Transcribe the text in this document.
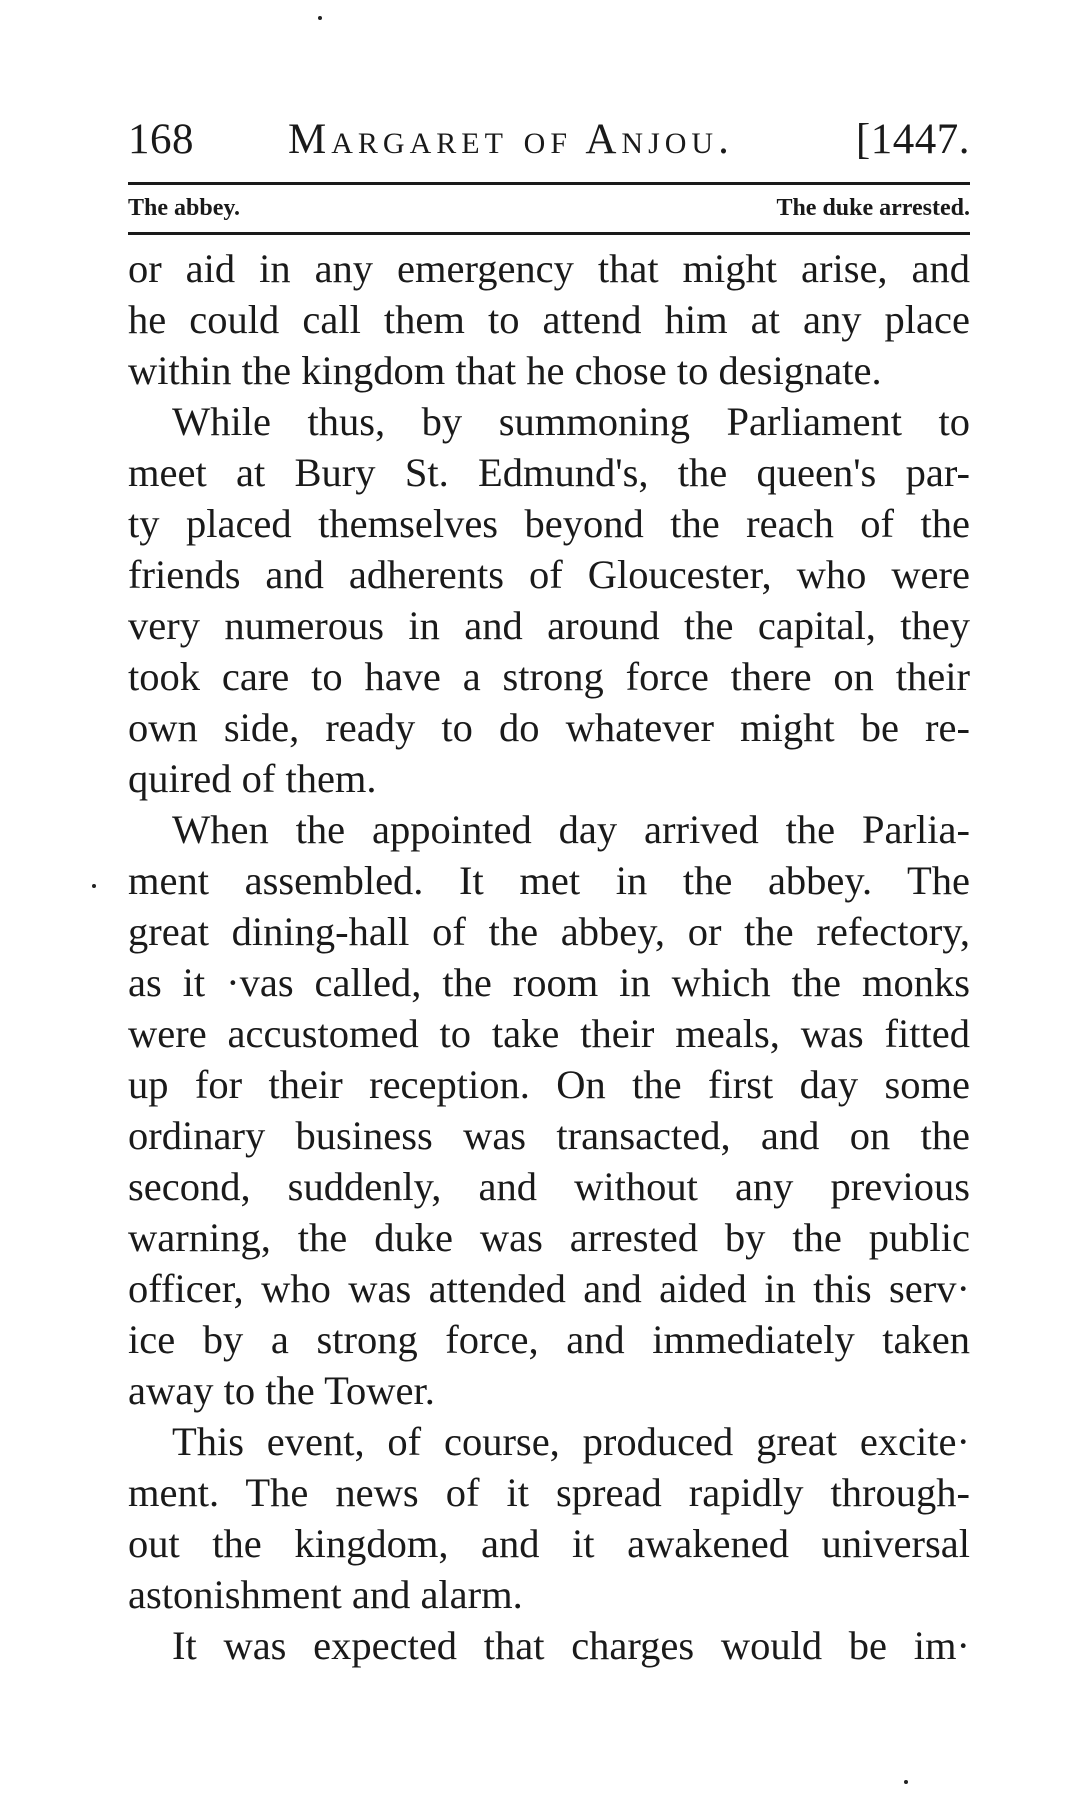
168 Margaret of Anjou.	[1447.
The abbey.	The duke arrested.
or aid in any emergency that might arise, and
he could call them to attend him at any place
within the kingdom that he chose to designate.
While thus, by summoning Parliament to
meet at Bury St. Edmund's, the queen's par-
ty placed themselves beyond the reach of the
friends and adherents of Gloucester, who were
very numerous in and around the capital, they
took care to have a strong force there on their
own side, ready to do whatever might be re-
quired of them.
When the appointed day arrived the Parlia-
ment assembled. It met in the abbey. The
great dining-hall of the abbey, or the refectory,
as it ·vas called, the room in which the monks
were accustomed to take their meals, was fitted
up for their reception. On the first day some
ordinary business was transacted, and on the
second, suddenly, and without any previous
warning, the duke was arrested by the public
officer, who was attended and aided in this serv·
ice by a strong force, and immediately taken
away to the Tower.
This event, of course, produced great excite·
ment. The news of it spread rapidly through-
out the kingdom, and it awakened universal
astonishment and alarm.
It was expected that charges would be im·
